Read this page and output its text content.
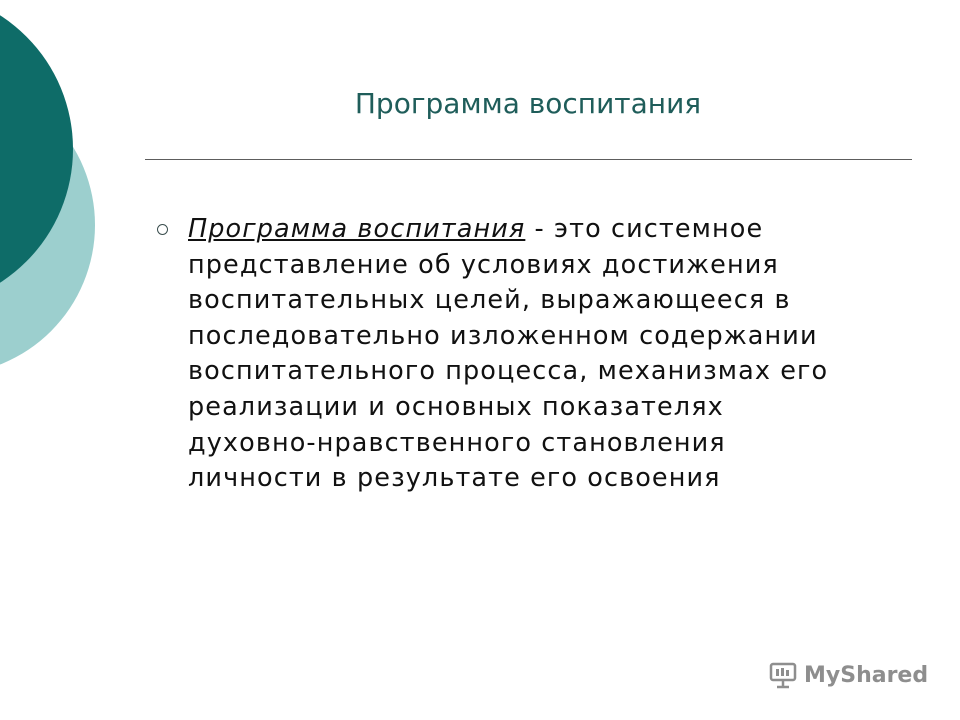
Программа воспитания
Программа воспитания - это системное
представление об условиях достижения
воспитательных целей, выражающееся в
последовательно изложенном содержании
воспитательного процесса, механизмах его
реализации и основных показателях
духовно-нравственного становления
личности в результате его освоения
MyShared
